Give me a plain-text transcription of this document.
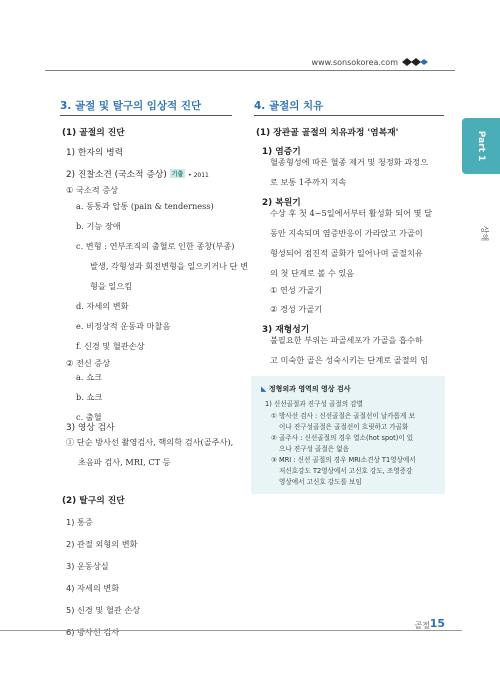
www.sonsokorea.com
Part 1
상해
3. 골절 및 탈구의 임상적 진단
(1) 골절의 진단
1) 한자의 병력
2) 진찰소견 (국소적 증상) 기출 • 2011
① 국소적 증상
a. 동통과 압통 (pain & tenderness)
b. 기능 장애
c. 변형 : 연부조직의 출혈로 인한 종창(부종)
발생, 각형성과 회전변형을 일으키거나 단 변
형을 일으킴
d. 자세의 변화
e. 비정상적 운동과 마찰음
f. 신경 및 혈관손상
② 전신 증상
a. 쇼크
b. 쇼크
c. 출혈
3) 영상 검사
① 단순 방사선 촬영검사, 핵의학 검사(골주사),
초음파 검사, MRI, CT 등
(2) 탈구의 진단
1) 통증
2) 관절 외형의 변화
3) 운동상실
4) 자세의 변화
5) 신경 및 혈관 손상
6) 방사선 검사
4. 골절의 치유
(1) 장관골 골절의 치유과정 '염복재'
1) 염증기
혈종형성에 따른 혈종 제거 및 청정화 과정으
로 보통 1주까지 지속
2) 복원기
수상 후 첫 4~5일에서부터 활성화 되어 몇 달
동안 지속되며 염증반응이 가라앉고 가골이
형성되어 점진적 골화가 일어나며 골절치유
의 첫 단계로 볼 수 있음
① 연성 가골기
② 경성 가골기
3) 재형성기
불필요한 부위는 파골세포가 가골을 흡수하
고 미숙한 골은 성숙시키는 단계로 골절의 임
◣ 정형외과 영역의 영상 검사
1) 신선골절과 진구성 골절의 감별
① 방사선 검사 : 신선골절은 골절선이 날카롭게 보
이나 진구성골절은 골절선이 흐릿하고 가골화
② 골주사 : 신선골절의 경우 열소(hot spot)이 있
으나 진구성 골절은 없음
③ MRI : 신선 골절의 경우 MRI소견상 T1영상에서
저신호강도 T2영상에서 고신호 강도, 조영증강
영상에서 고신호 강도를 보임
골절 15
